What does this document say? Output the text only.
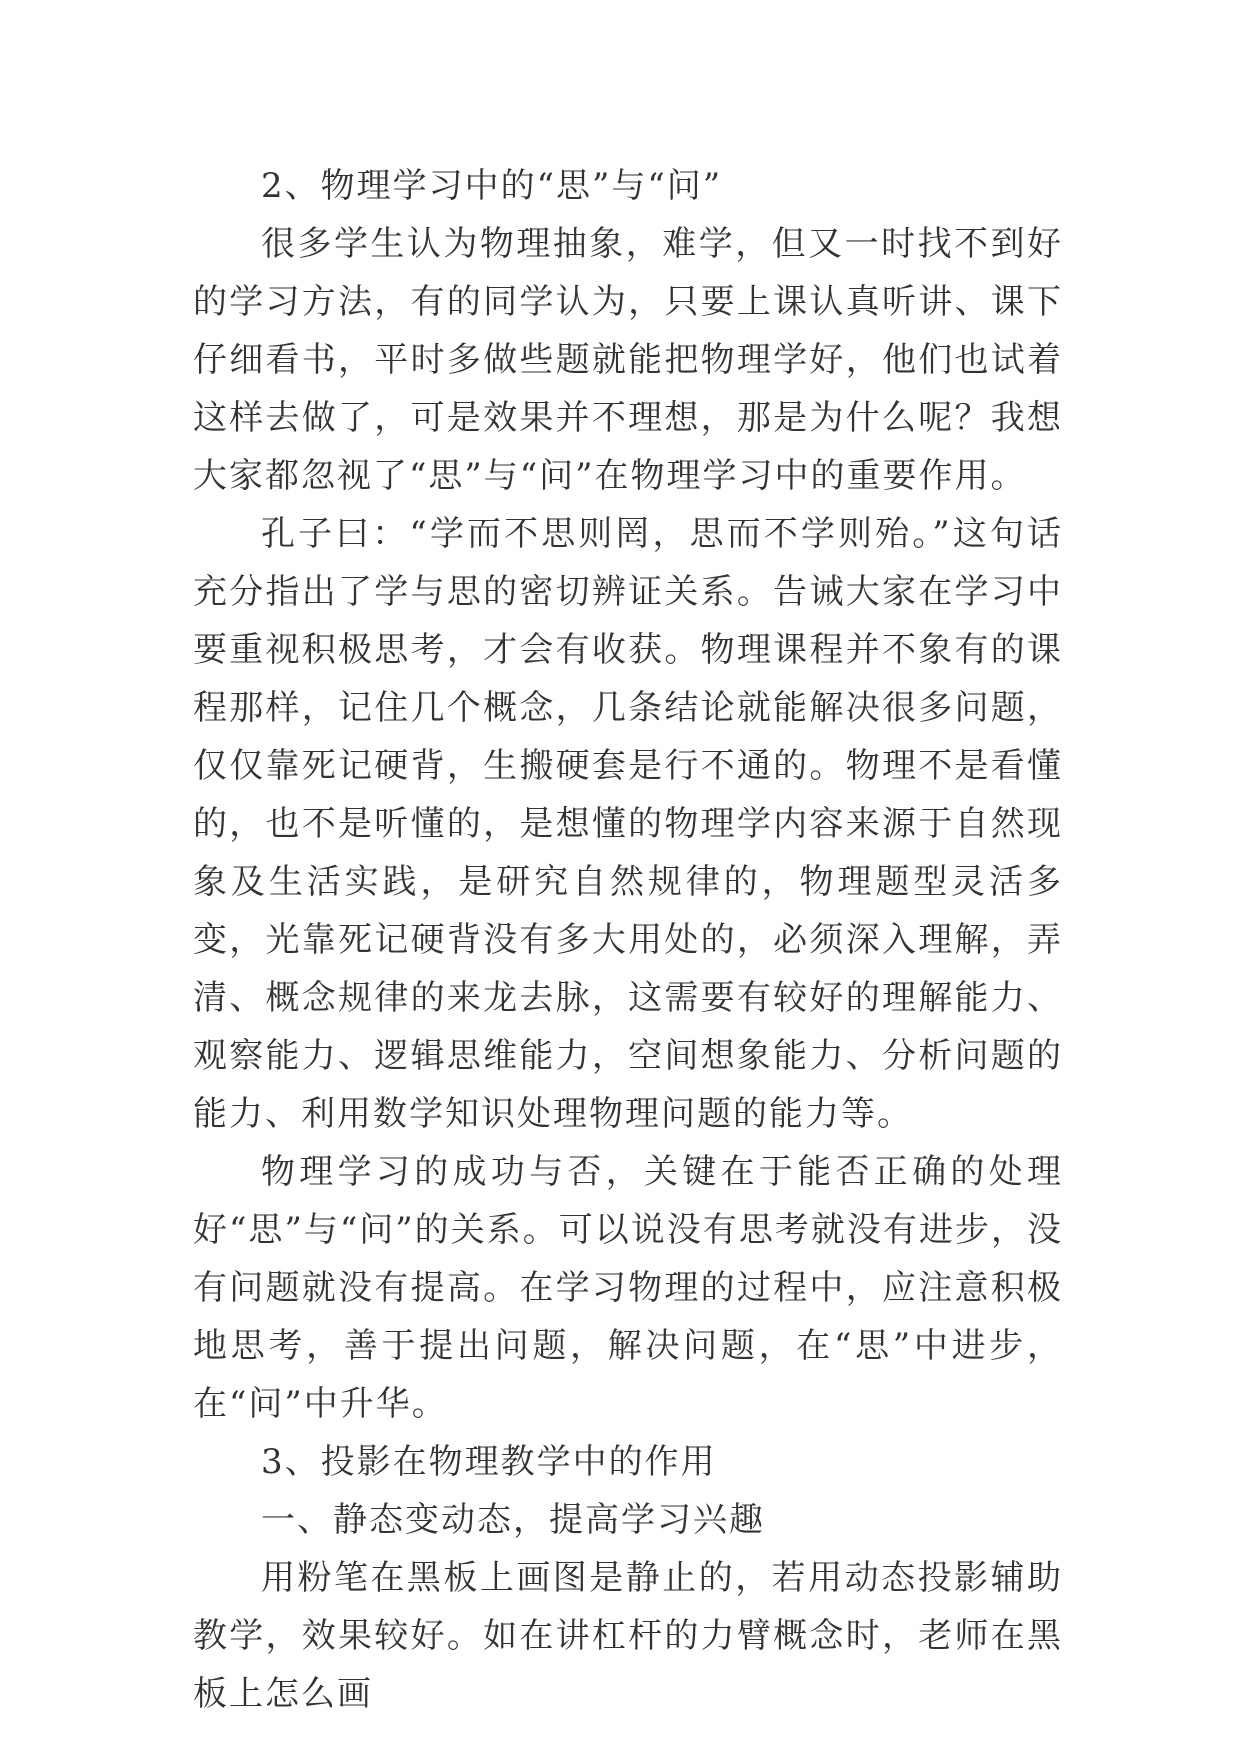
2、物理学习中的“思”与“问”

很多学生认为物理抽象，难学，但又一时找不到好的学习方法，有的同学认为，只要上课认真听讲、课下仔细看书，平时多做些题就能把物理学好，他们也试着这样去做了，可是效果并不理想，那是为什么呢？我想大家都忽视了“思”与“问”在物理学习中的重要作用。

孔子曰：“学而不思则罔，思而不学则殆。”这句话充分指出了学与思的密切辨证关系。告诫大家在学习中要重视积极思考，才会有收获。物理课程并不象有的课程那样，记住几个概念，几条结论就能解决很多问题，仅仅靠死记硬背，生搬硬套是行不通的。物理不是看懂的，也不是听懂的，是想懂的物理学内容来源于自然现象及生活实践，是研究自然规律的，物理题型灵活多变，光靠死记硬背没有多大用处的，必须深入理解，弄清、概念规律的来龙去脉，这需要有较好的理解能力、观察能力、逻辑思维能力，空间想象能力、分析问题的能力、利用数学知识处理物理问题的能力等。

物理学习的成功与否，关键在于能否正确的处理好“思”与“问”的关系。可以说没有思考就没有进步，没有问题就没有提高。在学习物理的过程中，应注意积极地思考，善于提出问题，解决问题，在“思”中进步，在“问”中升华。

3、投影在物理教学中的作用

一、静态变动态，提高学习兴趣

用粉笔在黑板上画图是静止的，若用动态投影辅助教学，效果较好。如在讲杠杆的力臂概念时，老师在黑板上怎么画
